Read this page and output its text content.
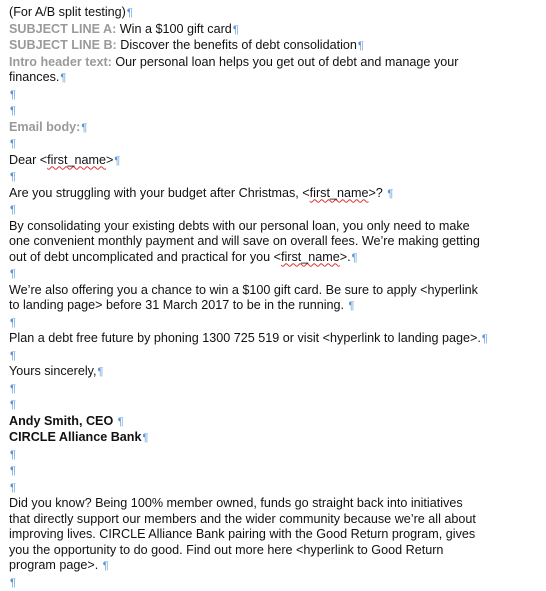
(For A/B split testing)¶
SUBJECT LINE A: Win a $100 gift card¶
SUBJECT LINE B: Discover the benefits of debt consolidation¶
Intro header text: Our personal loan helps you get out of debt and manage your
finances.¶
¶
¶
Email body:¶
¶
Dear <first_name>¶
¶
Are you struggling with your budget after Christmas, <first_name>? ¶
¶
By consolidating your existing debts with our personal loan, you only need to make
one convenient monthly payment and will save on overall fees. We’re making getting
out of debt uncomplicated and practical for you <first_name>.¶
¶
We’re also offering you a chance to win a $100 gift card. Be sure to apply <hyperlink
to landing page> before 31 March 2017 to be in the running. ¶
¶
Plan a debt free future by phoning 1300 725 519 or visit <hyperlink to landing page>.¶
¶
Yours sincerely,¶
¶
¶
Andy Smith, CEO ¶
CIRCLE Alliance Bank¶
¶
¶
¶
Did you know? Being 100% member owned, funds go straight back into initiatives
that directly support our members and the wider community because we’re all about
improving lives. CIRCLE Alliance Bank pairing with the Good Return program, gives
you the opportunity to do good. Find out more here <hyperlink to Good Return
program page>. ¶
¶
